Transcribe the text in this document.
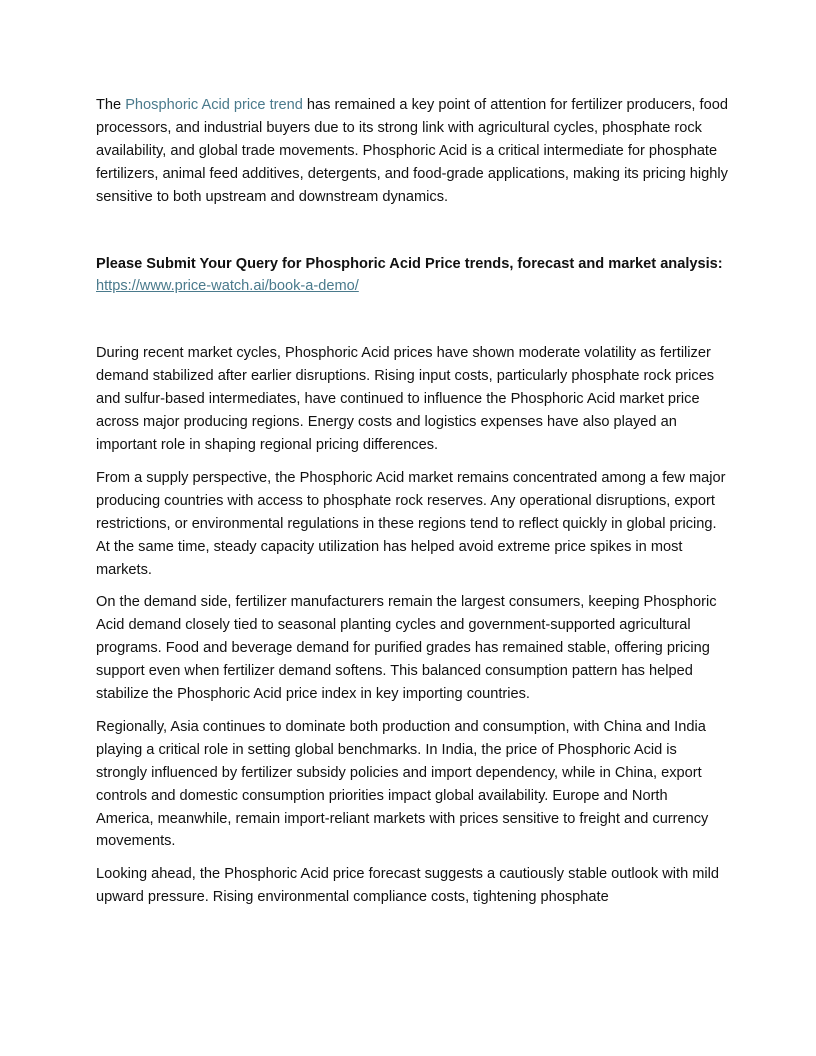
The Phosphoric Acid price trend has remained a key point of attention for fertilizer producers, food processors, and industrial buyers due to its strong link with agricultural cycles, phosphate rock availability, and global trade movements. Phosphoric Acid is a critical intermediate for phosphate fertilizers, animal feed additives, detergents, and food-grade applications, making its pricing highly sensitive to both upstream and downstream dynamics.

Please Submit Your Query for Phosphoric Acid Price trends, forecast and market analysis:  https://www.price-watch.ai/book-a-demo/

During recent market cycles, Phosphoric Acid prices have shown moderate volatility as fertilizer demand stabilized after earlier disruptions. Rising input costs, particularly phosphate rock prices and sulfur-based intermediates, have continued to influence the Phosphoric Acid market price across major producing regions. Energy costs and logistics expenses have also played an important role in shaping regional pricing differences.

From a supply perspective, the Phosphoric Acid market remains concentrated among a few major producing countries with access to phosphate rock reserves. Any operational disruptions, export restrictions, or environmental regulations in these regions tend to reflect quickly in global pricing. At the same time, steady capacity utilization has helped avoid extreme price spikes in most markets.

On the demand side, fertilizer manufacturers remain the largest consumers, keeping Phosphoric Acid demand closely tied to seasonal planting cycles and government-supported agricultural programs. Food and beverage demand for purified grades has remained stable, offering pricing support even when fertilizer demand softens. This balanced consumption pattern has helped stabilize the Phosphoric Acid price index in key importing countries.

Regionally, Asia continues to dominate both production and consumption, with China and India playing a critical role in setting global benchmarks. In India, the price of Phosphoric Acid is strongly influenced by fertilizer subsidy policies and import dependency, while in China, export controls and domestic consumption priorities impact global availability. Europe and North America, meanwhile, remain import-reliant markets with prices sensitive to freight and currency movements.

Looking ahead, the Phosphoric Acid price forecast suggests a cautiously stable outlook with mild upward pressure. Rising environmental compliance costs, tightening phosphate
